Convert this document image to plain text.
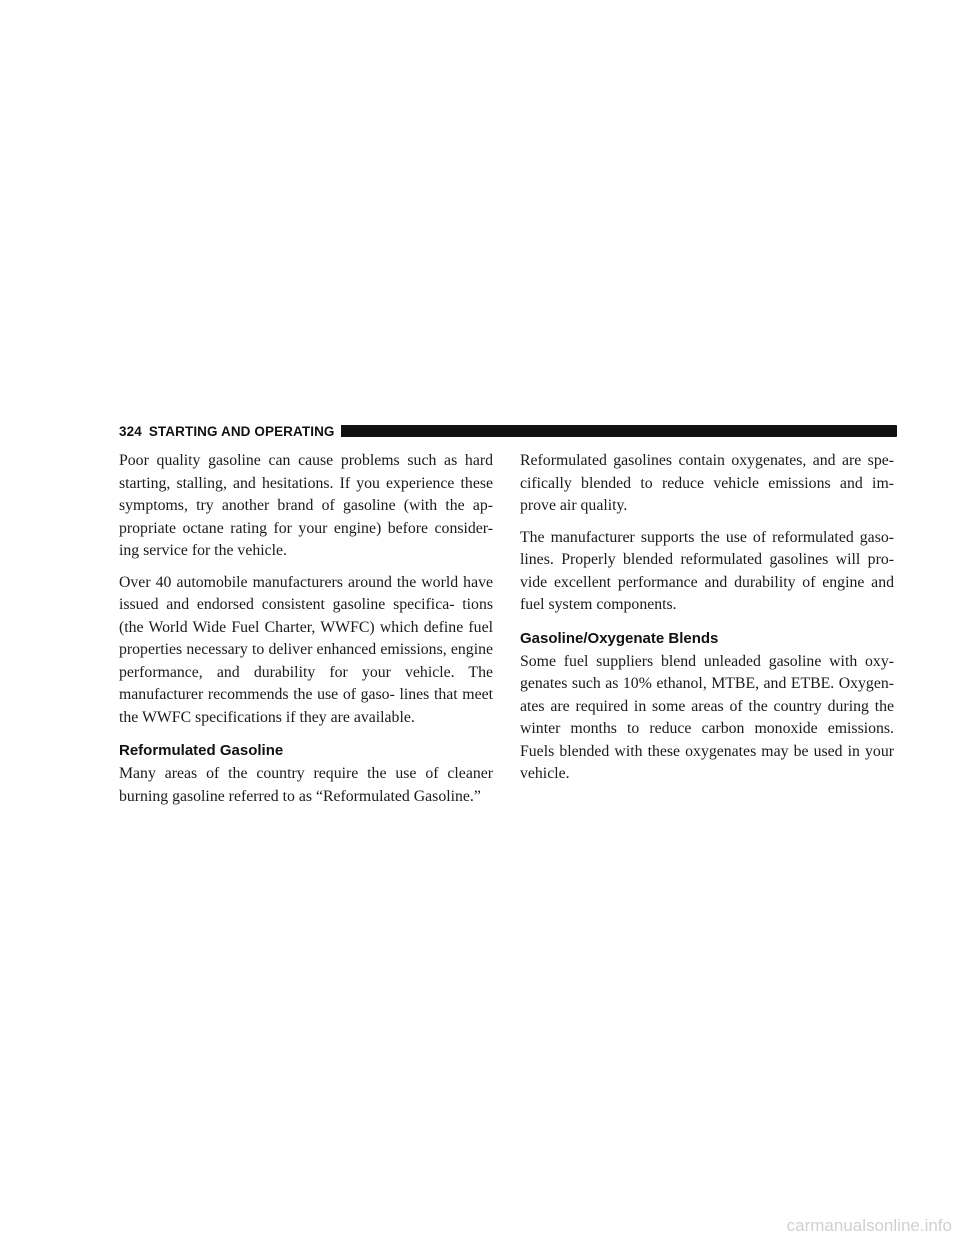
324 STARTING AND OPERATING

Poor quality gasoline can cause problems such as hard starting, stalling, and hesitations. If you experience these symptoms, try another brand of gasoline (with the ap- propriate octane rating for your engine) before consider- ing service for the vehicle.

Over 40 automobile manufacturers around the world have issued and endorsed consistent gasoline specifica- tions (the World Wide Fuel Charter, WWFC) which define fuel properties necessary to deliver enhanced emissions, engine performance, and durability for your vehicle. The manufacturer recommends the use of gaso- lines that meet the WWFC specifications if they are available.

Reformulated Gasoline

Many areas of the country require the use of cleaner burning gasoline referred to as “Reformulated Gasoline.”

Reformulated gasolines contain oxygenates, and are spe- cifically blended to reduce vehicle emissions and im- prove air quality.

The manufacturer supports the use of reformulated gaso- lines. Properly blended reformulated gasolines will pro- vide excellent performance and durability of engine and fuel system components.

Gasoline/Oxygenate Blends

Some fuel suppliers blend unleaded gasoline with oxy- genates such as 10% ethanol, MTBE, and ETBE. Oxygen- ates are required in some areas of the country during the winter months to reduce carbon monoxide emissions. Fuels blended with these oxygenates may be used in your vehicle.

carmanualsonline.info
